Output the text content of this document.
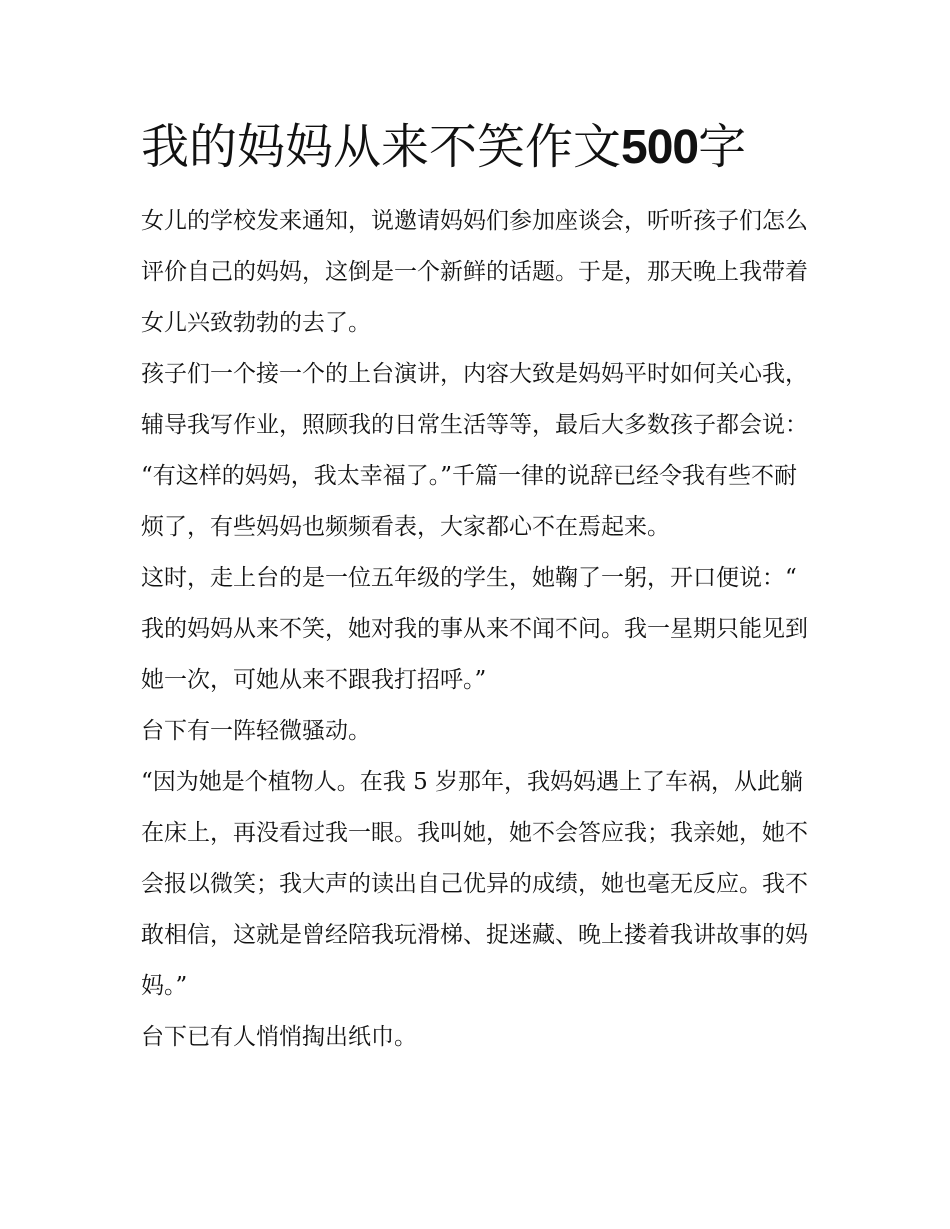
我的妈妈从来不笑作文500字

女儿的学校发来通知，说邀请妈妈们参加座谈会，听听孩子们怎么评价自己的妈妈，这倒是一个新鲜的话题。于是，那天晚上我带着女儿兴致勃勃的去了。

孩子们一个接一个的上台演讲，内容大致是妈妈平时如何关心我，辅导我写作业，照顾我的日常生活等等，最后大多数孩子都会说：“有这样的妈妈，我太幸福了。”千篇一律的说辞已经令我有些不耐烦了，有些妈妈也频频看表，大家都心不在焉起来。

这时，走上台的是一位五年级的学生，她鞠了一躬，开口便说：“我的妈妈从来不笑，她对我的事从来不闻不问。我一星期只能见到她一次，可她从来不跟我打招呼。”

台下有一阵轻微骚动。

“因为她是个植物人。在我 5 岁那年，我妈妈遇上了车祸，从此躺在床上，再没看过我一眼。我叫她，她不会答应我；我亲她，她不会报以微笑；我大声的读出自己优异的成绩，她也毫无反应。我不敢相信，这就是曾经陪我玩滑梯、捉迷藏、晚上搂着我讲故事的妈妈。”

台下已有人悄悄掏出纸巾。
